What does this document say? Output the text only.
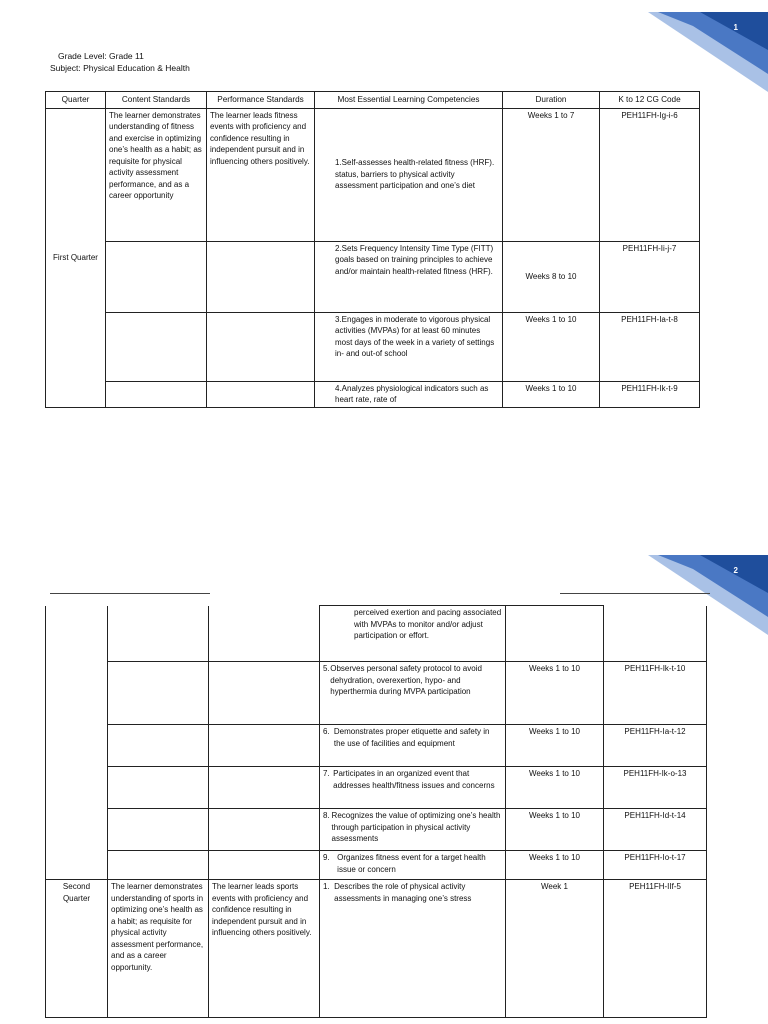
1
Grade Level: Grade 11
Subject: Physical Education & Health
Quarter	Content Standards	Performance Standards	Most Essential Learning Competencies	Duration	K to 12 CG Code
First Quarter	The learner demonstrates understanding of fitness and exercise in optimizing one’s health as a habit; as requisite for physical activity assessment performance, and as a career opportunity	The learner leads fitness events with proficiency and confidence resulting in independent pursuit and in influencing others positively.	1.Self-assesses health-related fitness (HRF). status, barriers to physical activity assessment participation and one’s diet	Weeks 1 to 7	PEH11FH-Ig-i-6
			2.Sets Frequency Intensity Time Type (FITT) goals based on training principles to achieve and/or maintain health-related fitness (HRF).	Weeks 8 to 10	PEH11FH-Ii-j-7
			3.Engages in moderate to vigorous physical activities (MVPAs) for at least 60 minutes most days of the week in a variety of settings in- and out-of school	Weeks 1 to 10	PEH11FH-Ia-t-8
			4.Analyzes physiological indicators such as heart rate, rate of	Weeks 1 to 10	PEH11FH-Ik-t-9
2
			perceived exertion and pacing associated with MVPAs to monitor and/or adjust participation or effort.		

			5. Observes personal safety protocol to avoid dehydration, overexertion, hypo- and hyperthermia during MVPA participation	Weeks 1 to 10	PEH11FH-Ik-t-10

			6. Demonstrates proper etiquette and safety in the use of facilities and equipment	Weeks 1 to 10	PEH11FH-Ia-t-12

			7. Participates in an organized event that addresses health/fitness issues and concerns	Weeks 1 to 10	PEH11FH-Ik-o-13

			8. Recognizes the value of optimizing one’s health through participation in physical activity assessments	Weeks 1 to 10	PEH11FH-Id-t-14

			9. Organizes fitness event for a target health issue or concern	Weeks 1 to 10	PEH11FH-Io-t-17
Second Quarter	The learner demonstrates understanding of sports in optimizing one’s health as a habit; as requisite for physical activity assessment performance, and as a career opportunity.	The learner leads sports events with proficiency and confidence resulting in independent pursuit and in influencing others positively.	1. Describes the role of physical activity assessments in managing one’s stress	Week 1	PEH11FH-IIf-5
